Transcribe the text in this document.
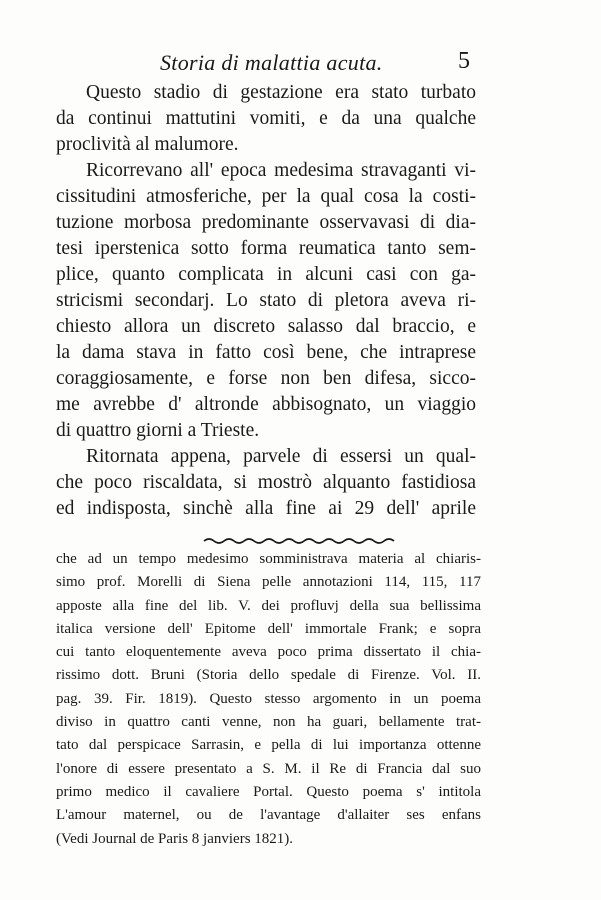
Storia di malattia acuta.	5
Questo stadio di gestazione era stato turbato
da continui mattutini vomiti, e da una qualche
proclività al malumore.
Ricorrevano all' epoca medesima stravaganti vi-
cissitudini atmosferiche, per la qual cosa la costi-
tuzione morbosa predominante osservavasi di dia-
tesi iperstenica sotto forma reumatica tanto sem-
plice, quanto complicata in alcuni casi con ga-
stricismi secondarj. Lo stato di pletora aveva ri-
chiesto allora un discreto salasso dal braccio, e
la dama stava in fatto così bene, che intraprese
coraggiosamente, e forse non ben difesa, sicco-
me avrebbe d' altronde abbisognato, un viaggio
di quattro giorni a Trieste.
Ritornata appena, parvele di essersi un qual-
che poco riscaldata, si mostrò alquanto fastidiosa
ed indisposta, sinchè alla fine ai 29 dell' aprile
che ad un tempo medesimo somministrava materia al chiaris-
simo prof. Morelli di Siena pelle annotazioni 114, 115, 117
apposte alla fine del lib. V. dei profluvj della sua bellissima
italica versione dell' Epitome dell' immortale Frank; e sopra
cui tanto eloquentemente aveva poco prima dissertato il chia-
rissimo dott. Bruni (Storia dello spedale di Firenze. Vol. II.
pag. 39. Fir. 1819). Questo stesso argomento in un poema
diviso in quattro canti venne, non ha guari, bellamente trat-
tato dal perspicace Sarrasin, e pella di lui importanza ottenne
l'onore di essere presentato a S. M. il Re di Francia dal suo
primo medico il cavaliere Portal. Questo poema s' intitola
L'amour maternel, ou de l'avantage d'allaiter ses enfans
(Vedi Journal de Paris 8 janviers 1821).
